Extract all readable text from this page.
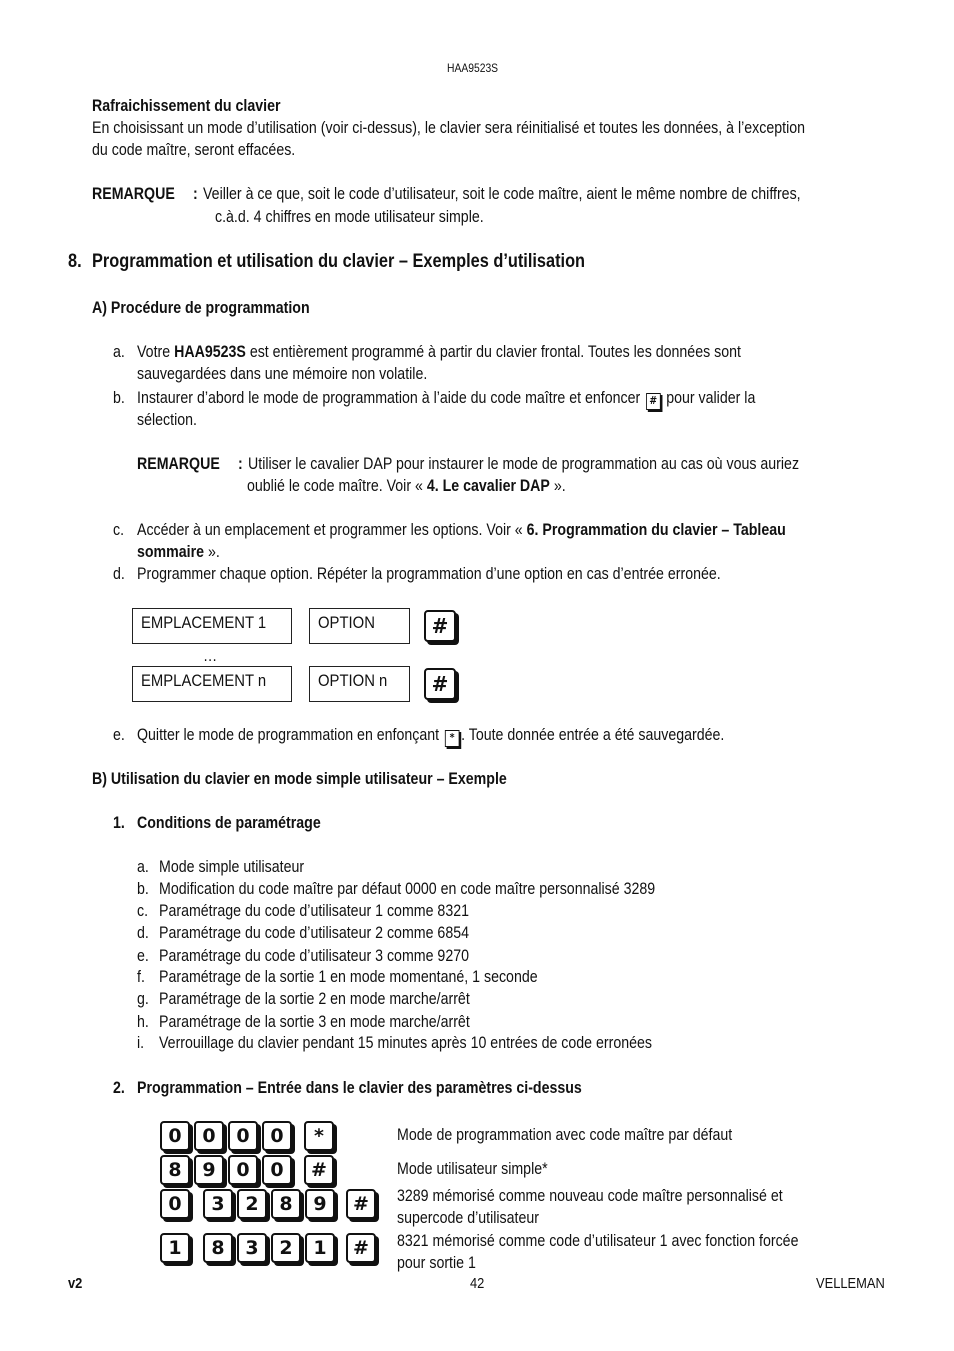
HAA9523S
Rafraichissement du clavier
En choisissant un mode d’utilisation (voir ci-dessus), le clavier sera réinitialisé et toutes les données, à l’exception
du code maître, seront effacées.
REMARQUE : Veiller à ce que, soit le code d’utilisateur, soit le code maître, aient le même nombre de chiffres,
c.à.d. 4 chiffres en mode utilisateur simple.
8. Programmation et utilisation du clavier – Exemples d’utilisation
A) Procédure de programmation
a. Votre HAA9523S est entièrement programmé à partir du clavier frontal. Toutes les données sont
sauvegardées dans une mémoire non volatile.
b. Instaurer d’abord le mode de programmation à l’aide du code maître et enfoncer # pour valider la
sélection.
REMARQUE : Utiliser le cavalier DAP pour instaurer le mode de programmation au cas où vous auriez
oublié le code maître. Voir « 4. Le cavalier DAP ».
c. Accéder à un emplacement et programmer les options. Voir « 6. Programmation du clavier – Tableau
sommaire ».
d. Programmer chaque option. Répéter la programmation d’une option en cas d’entrée erronée.
EMPLACEMENT 1	OPTION	#
…
EMPLACEMENT n	OPTION n	#
e. Quitter le mode de programmation en enfonçant * . Toute donnée entrée a été sauvegardée.
B) Utilisation du clavier en mode simple utilisateur – Exemple
1. Conditions de paramétrage
a. Mode simple utilisateur
b. Modification du code maître par défaut 0000 en code maître personnalisé 3289
c. Paramétrage du code d’utilisateur 1 comme 8321
d. Paramétrage du code d’utilisateur 2 comme 6854
e. Paramétrage du code d’utilisateur 3 comme 9270
f. Paramétrage de la sortie 1 en mode momentané, 1 seconde
g. Paramétrage de la sortie 2 en mode marche/arrêt
h. Paramétrage de la sortie 3 en mode marche/arrêt
i. Verrouillage du clavier pendant 15 minutes après 10 entrées de code erronées
2. Programmation – Entrée dans le clavier des paramètres ci-dessus
0	0	0	0	*	Mode de programmation avec code maître par défaut
8	9	0	0	#	Mode utilisateur simple*
0	3	2	8	9	#	3289 mémorisé comme nouveau code maître personnalisé et
supercode d’utilisateur
1	8	3	2	1	#	8321 mémorisé comme code d’utilisateur 1 avec fonction forcée
pour sortie 1
v2	42	VELLEMAN
